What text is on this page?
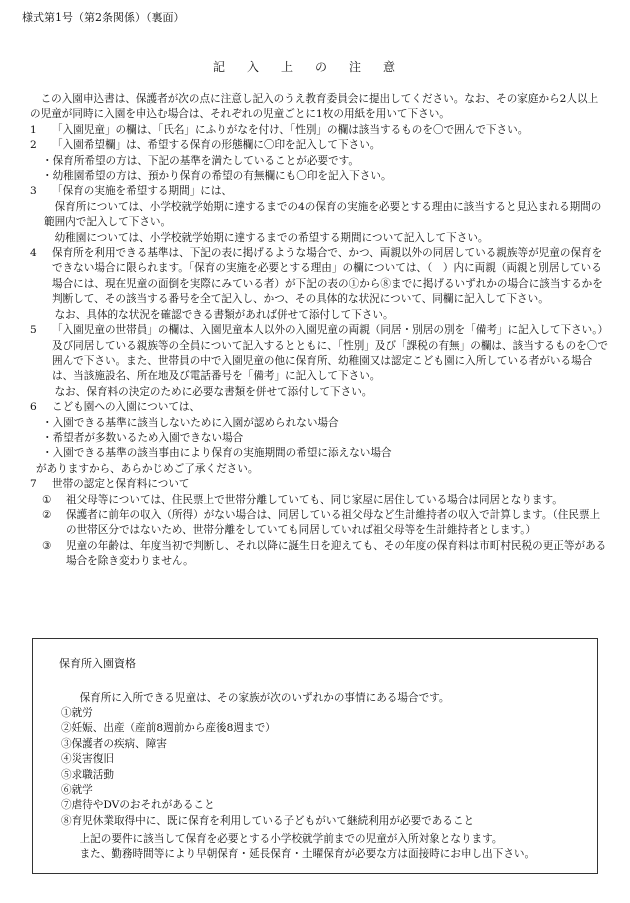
様式第1号（第2条関係）（裏面）
記入上の注意

この入園申込書は、保護者が次の点に注意し記入のうえ教育委員会に提出してください。なお、その家庭から2人以上の児童が同時に入園を申込む場合は、それぞれの児童ごとに1枚の用紙を用いて下さい。

1	「入園児童」の欄は、「氏名」にふりがなを付け、「性別」の欄は該当するものを〇で囲んで下さい。
2	「入園希望欄」は、希望する保育の形態欄に〇印を記入して下さい。

・保育所希望の方は、下記の基準を満たしていることが必要です。

・幼稚園希望の方は、預かり保育の希望の有無欄にも〇印を記入下さい。

3	「保育の実施を希望する期間」には、

保育所については、小学校就学始期に達するまでの4の保育の実施を必要とする理由に該当すると見込まれる期間の範囲内で記入して下さい。

幼稚園については、小学校就学始期に達するまでの希望する期間について記入して下さい。

4	保育所を利用できる基準は、下記の表に掲げるような場合で、かつ、両親以外の同居している親族等が児童の保育をできない場合に限られます。「保育の実施を必要とする理由」の欄については、（　）内に両親（両親と別居している場合には、現在児童の面倒を実際にみている者）が下記の表の①から⑧までに掲げるいずれかの場合に該当するかを判断して、その該当する番号を全て記入し、かつ、その具体的な状況について、同欄に記入して下さい。

なお、具体的な状況を確認できる書類があれば併せて添付して下さい。

5	「入園児童の世帯員」の欄は、入園児童本人以外の入園児童の両親（同居・別居の別を「備考」に記入して下さい。）及び同居している親族等の全員について記入するとともに、「性別」及び「課税の有無」の欄は、該当するものを〇で囲んで下さい。また、世帯員の中で入園児童の他に保育所、幼稚園又は認定こども園に入所している者がいる場合は、当該施設名、所在地及び電話番号を「備考」に記入して下さい。

なお、保育料の決定のために必要な書類を併せて添付して下さい。

6	こども園への入園については、

・入園できる基準に該当しないために入園が認められない場合

・希望者が多数いるため入園できない場合

・入園できる基準の該当事由により保育の実施期間の希望に添えない場合

がありますから、あらかじめご了承ください。

7	世帯の認定と保育料について
①	祖父母等については、住民票上で世帯分離していても、同じ家屋に居住している場合は同居となります。
②	保護者に前年の収入（所得）がない場合は、同居している祖父母など生計維持者の収入で計算します。（住民票上の世帯区分ではないため、世帯分離をしていても同居していれば祖父母等を生計維持者とします。）
③	児童の年齢は、年度当初で判断し、それ以降に誕生日を迎えても、その年度の保育料は市町村民税の更正等がある場合を除き変わりません。
保育所入園資格
保育所に入所できる児童は、その家族が次のいずれかの事情にある場合です。

①就労

②妊娠、出産（産前8週前から産後8週まで）

③保護者の疾病、障害

④災害復旧

⑤求職活動

⑥就学

⑦虐待やDVのおそれがあること

⑧育児休業取得中に、既に保育を利用している子どもがいて継続利用が必要であること

上記の要件に該当して保育を必要とする小学校就学前までの児童が入所対象となります。

また、勤務時間等により早朝保育・延長保育・土曜保育が必要な方は面接時にお申し出下さい。
